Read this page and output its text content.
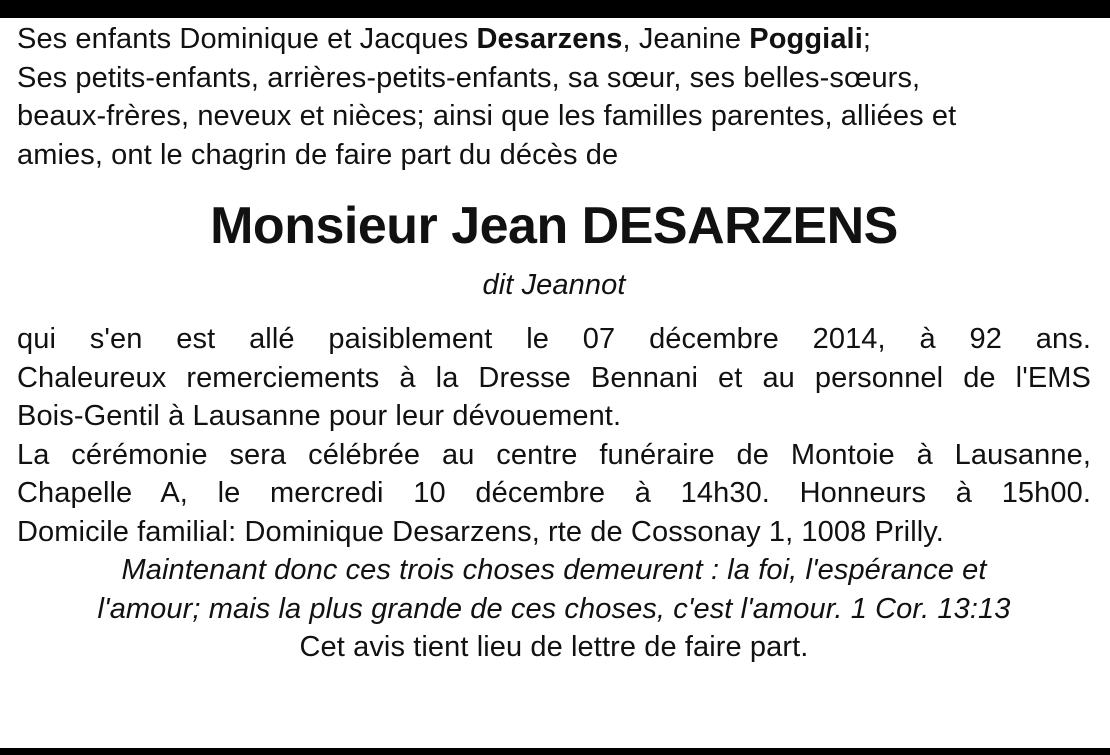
Ses enfants Dominique et Jacques Desarzens, Jeanine Poggiali;
Ses petits-enfants, arrières-petits-enfants, sa sœur, ses belles-sœurs,
beaux-frères, neveux et nièces; ainsi que les familles parentes, alliées et
amies, ont le chagrin de faire part du décès de

Monsieur Jean DESARZENS

dit Jeannot

qui s'en est allé paisiblement le 07 décembre 2014, à 92 ans.

Chaleureux remerciements à la Dresse Bennani et au personnel de l'EMS

Bois-Gentil à Lausanne pour leur dévouement.

La cérémonie sera célébrée au centre funéraire de Montoie à Lausanne,

Chapelle A, le mercredi 10 décembre à 14h30. Honneurs à 15h00.

Domicile familial: Dominique Desarzens, rte de Cossonay 1, 1008 Prilly.

Maintenant donc ces trois choses demeurent : la foi, l'espérance et

l'amour; mais la plus grande de ces choses, c'est l'amour. 1 Cor. 13:13

Cet avis tient lieu de lettre de faire part.
